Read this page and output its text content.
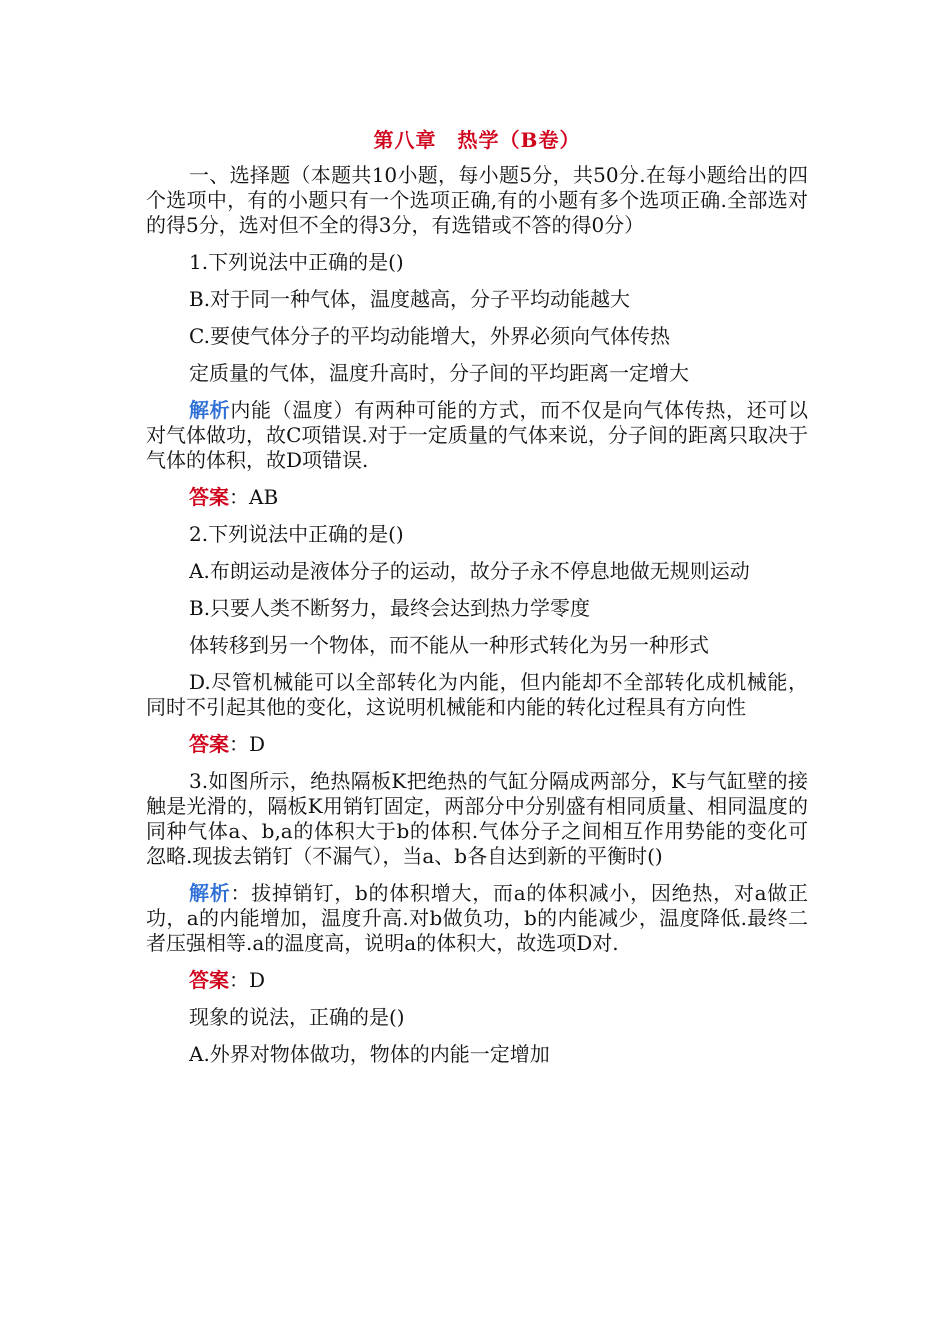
第八章　热学（B卷）

一、选择题（本题共10小题，每小题5分，共50分.在每小题给出的四个选项中，有的小题只有一个选项正确,有的小题有多个选项正确.全部选对的得5分，选对但不全的得3分，有选错或不答的得0分）

1.下列说法中正确的是()

B.对于同一种气体，温度越高，分子平均动能越大

C.要使气体分子的平均动能增大，外界必须向气体传热

定质量的气体，温度升高时，分子间的平均距离一定增大

解析内能（温度）有两种可能的方式，而不仅是向气体传热，还可以对气体做功，故C项错误.对于一定质量的气体来说，分子间的距离只取决于气体的体积，故D项错误.

答案：AB

2.下列说法中正确的是()

A.布朗运动是液体分子的运动，故分子永不停息地做无规则运动

B.只要人类不断努力，最终会达到热力学零度

体转移到另一个物体，而不能从一种形式转化为另一种形式

D.尽管机械能可以全部转化为内能，但内能却不全部转化成机械能，同时不引起其他的变化，这说明机械能和内能的转化过程具有方向性

答案：D

3.如图所示，绝热隔板K把绝热的气缸分隔成两部分，K与气缸壁的接触是光滑的，隔板K用销钉固定，两部分中分别盛有相同质量、相同温度的同种气体a、b,a的体积大于b的体积.气体分子之间相互作用势能的变化可忽略.现拔去销钉（不漏气），当a、b各自达到新的平衡时()

解析：拔掉销钉，b的体积增大，而a的体积减小，因绝热，对a做正功，a的内能增加，温度升高.对b做负功，b的内能减少，温度降低.最终二者压强相等.a的温度高，说明a的体积大，故选项D对.

答案：D

现象的说法，正确的是()

A.外界对物体做功，物体的内能一定增加
